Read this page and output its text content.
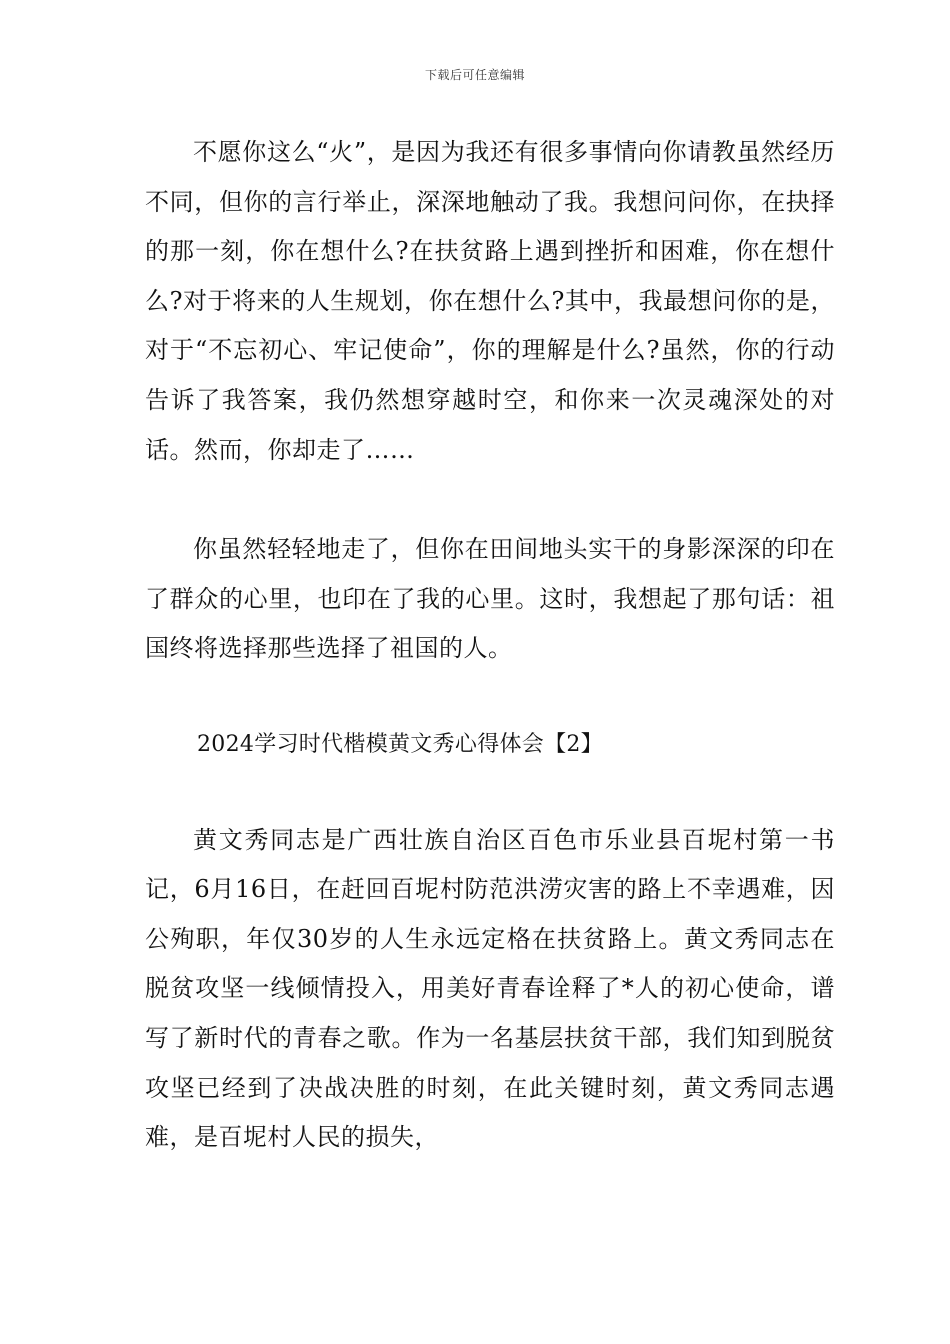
下载后可任意编辑

不愿你这么“火”，是因为我还有很多事情向你请教虽然经历不同，但你的言行举止，深深地触动了我。我想问问你，在抉择的那一刻，你在想什么?在扶贫路上遇到挫折和困难，你在想什么?对于将来的人生规划，你在想什么?其中，我最想问你的是，对于“不忘初心、牢记使命”，你的理解是什么?虽然，你的行动告诉了我答案，我仍然想穿越时空，和你来一次灵魂深处的对话。然而，你却走了……

你虽然轻轻地走了，但你在田间地头实干的身影深深的印在了群众的心里，也印在了我的心里。这时，我想起了那句话：祖国终将选择那些选择了祖国的人。

2024学习时代楷模黄文秀心得体会【2】

黄文秀同志是广西壮族自治区百色市乐业县百坭村第一书记，6月16日，在赶回百坭村防范洪涝灾害的路上不幸遇难，因公殉职，年仅30岁的人生永远定格在扶贫路上。黄文秀同志在脱贫攻坚一线倾情投入，用美好青春诠释了*人的初心使命，谱写了新时代的青春之歌。作为一名基层扶贫干部，我们知到脱贫攻坚已经到了决战决胜的时刻，在此关键时刻，黄文秀同志遇难，是百坭村人民的损失，
